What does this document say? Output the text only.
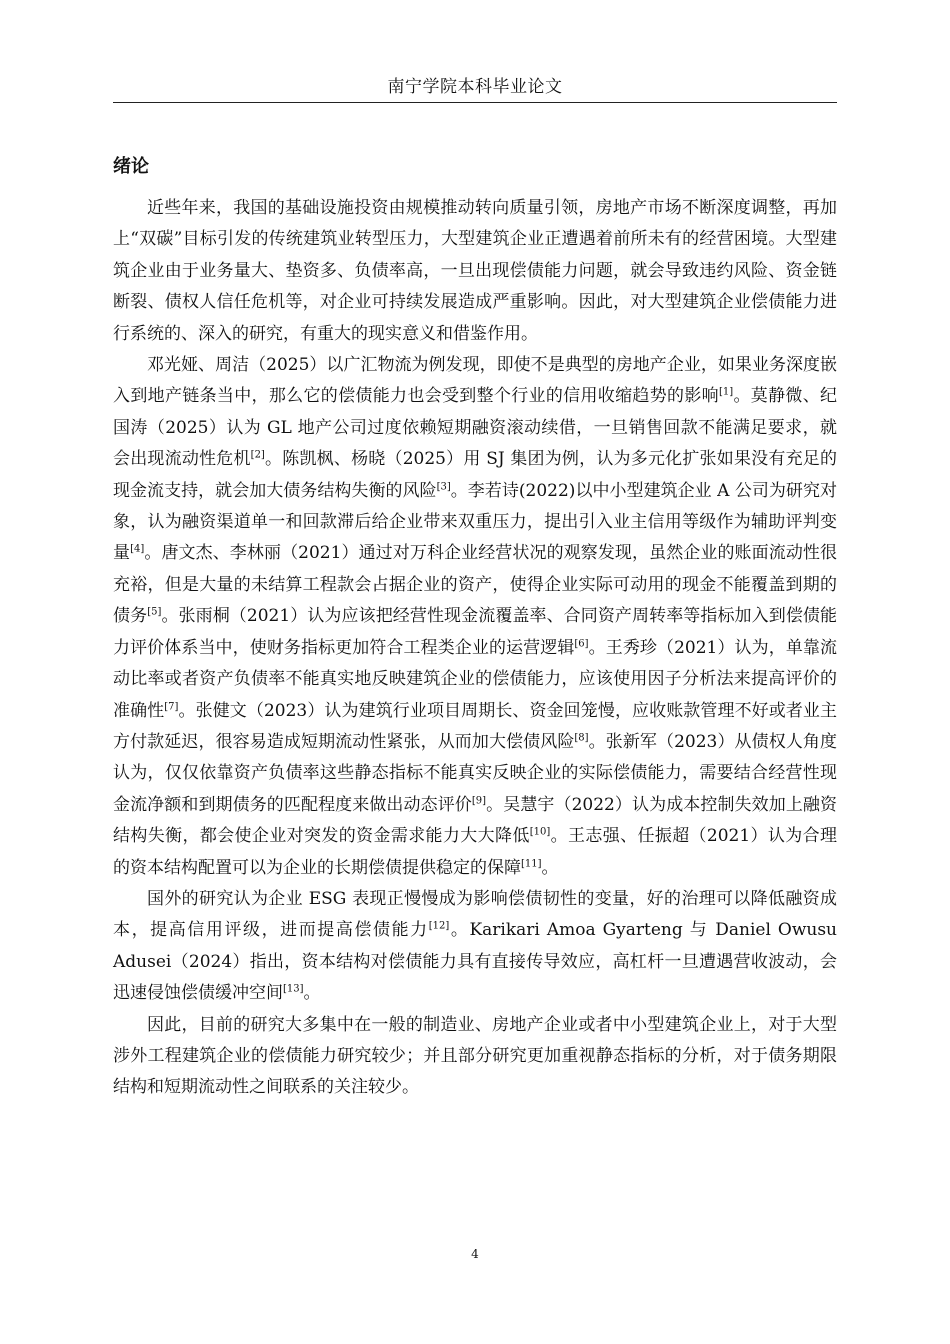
南宁学院本科毕业论文
绪论

近些年来，我国的基础设施投资由规模推动转向质量引领，房地产市场不断深度调整，再加上“双碳”目标引发的传统建筑业转型压力，大型建筑企业正遭遇着前所未有的经营困境。大型建筑企业由于业务量大、垫资多、负债率高，一旦出现偿债能力问题，就会导致违约风险、资金链断裂、债权人信任危机等，对企业可持续发展造成严重影响。因此，对大型建筑企业偿债能力进行系统的、深入的研究，有重大的现实意义和借鉴作用。

邓光娅、周洁（2025）以广汇物流为例发现，即使不是典型的房地产企业，如果业务深度嵌入到地产链条当中，那么它的偿债能力也会受到整个行业的信用收缩趋势的影响[1]。莫静微、纪国涛（2025）认为 GL 地产公司过度依赖短期融资滚动续借，一旦销售回款不能满足要求，就会出现流动性危机[2]。陈凯枫、杨晓（2025）用 SJ 集团为例，认为多元化扩张如果没有充足的现金流支持，就会加大债务结构失衡的风险[3]。李若诗(2022)以中小型建筑企业 A 公司为研究对象，认为融资渠道单一和回款滞后给企业带来双重压力，提出引入业主信用等级作为辅助评判变量[4]。唐文杰、李林丽（2021）通过对万科企业经营状况的观察发现，虽然企业的账面流动性很充裕，但是大量的未结算工程款会占据企业的资产，使得企业实际可动用的现金不能覆盖到期的债务[5]。张雨桐（2021）认为应该把经营性现金流覆盖率、合同资产周转率等指标加入到偿债能力评价体系当中，使财务指标更加符合工程类企业的运营逻辑[6]。王秀珍（2021）认为，单靠流动比率或者资产负债率不能真实地反映建筑企业的偿债能力，应该使用因子分析法来提高评价的准确性[7]。张健文（2023）认为建筑行业项目周期长、资金回笼慢，应收账款管理不好或者业主方付款延迟，很容易造成短期流动性紧张，从而加大偿债风险[8]。张新军（2023）从债权人角度认为，仅仅依靠资产负债率这些静态指标不能真实反映企业的实际偿债能力，需要结合经营性现金流净额和到期债务的匹配程度来做出动态评价[9]。吴慧宇（2022）认为成本控制失效加上融资结构失衡，都会使企业对突发的资金需求能力大大降低[10]。王志强、任振超（2021）认为合理的资本结构配置可以为企业的长期偿债提供稳定的保障[11]。

国外的研究认为企业 ESG 表现正慢慢成为影响偿债韧性的变量，好的治理可以降低融资成本，提高信用评级，进而提高偿债能力[12]。Karikari Amoa Gyarteng 与 Daniel Owusu Adusei（2024）指出，资本结构对偿债能力具有直接传导效应，高杠杆一旦遭遇营收波动，会迅速侵蚀偿债缓冲空间[13]。

因此，目前的研究大多集中在一般的制造业、房地产企业或者中小型建筑企业上，对于大型涉外工程建筑企业的偿债能力研究较少；并且部分研究更加重视静态指标的分析，对于债务期限结构和短期流动性之间联系的关注较少。

4
